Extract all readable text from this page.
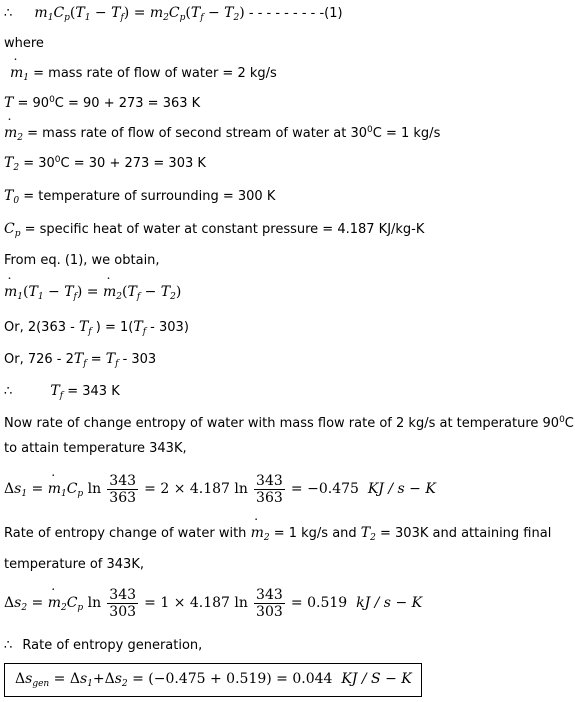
∴ ˙ $m_1C_p(T_1 - T_f)$ = ˙ $m_2C_p(T_f - T_2)$ - - - - - - - - -(1)
where
˙ $m_1$ = mass rate of flow of water = 2 kg/s
$T = 90^0C = 90 + 273 = 363$ K
˙ $m_2$ = mass rate of flow of second stream of water at $30^0C = 1$ kg/s
$T_2 = 30^0C = 30 + 273 = 303$ K
$T_0$ = temperature of surrounding = 300 K
$C_p$ = specific heat of water at constant pressure = 4.187 KJ/kg-K
From eq. (1), we obtain,
˙ $m_1(T_1 - T_f)$ = ˙ $m_2(T_f - T_2)$
Or, $2(363 - T_f$ ) = $1(T_f - 303)$
Or, $726 - 2T_f = T_f - 303$
∴	$T_f = 343$ K
Now rate of change entropy of water with mass flow rate of 2 kg/s at temperature $90^0C$
to attain temperature 343K,
$\Delta s_1$ = ˙ $m_1C_p$ $\ln \frac{343}{363} = 2 \times 4.187$ $\ln \frac{343}{363} = -0.475$ KJ / s − K
Rate of entropy change of water with ˙ $m_2 = 1$ kg/s and $T_2 = 303K$ and attaining final
temperature of 343K,
$\Delta s_2$ = ˙ $m_2C_p$ $\ln \frac{343}{303} = 1 \times 4.187$ $\ln \frac{343}{303} = 0.519$ kJ / s − K
∴ Rate of entropy generation,
$\Delta s_{gen} = \Delta s_1+\Delta s_2 = (-0.475 + 0.519) = 0.044$ KJ / S − K
